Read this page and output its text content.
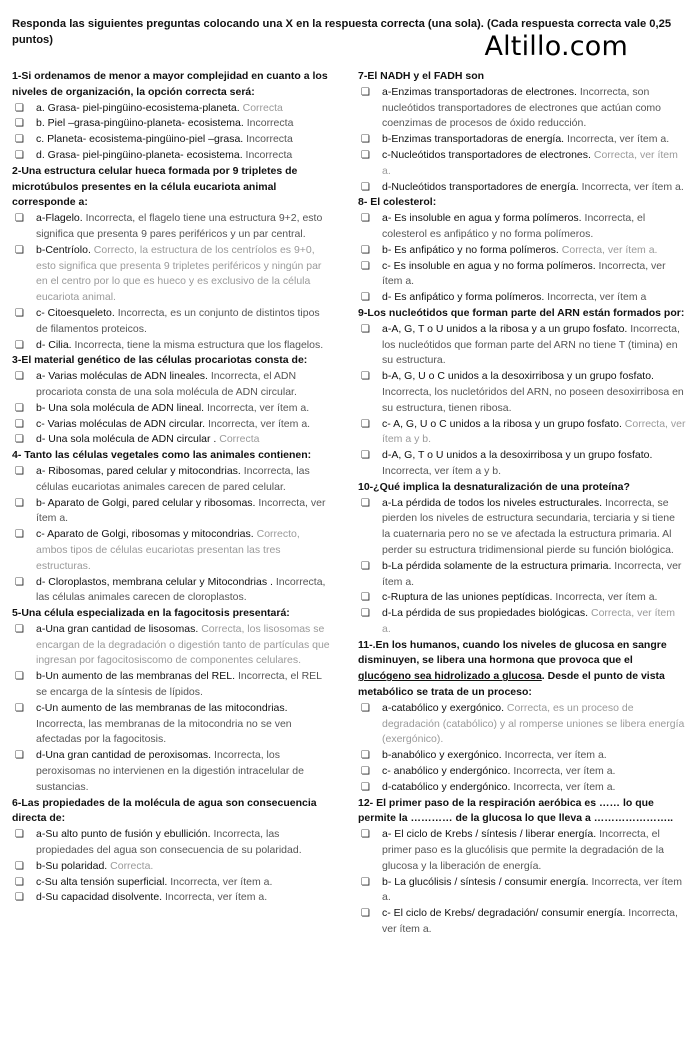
Responda las siguientes preguntas colocando una X en la respuesta correcta (una sola). (Cada respuesta correcta vale 0,25 puntos)	Altillo.com
1-Si ordenamos de menor a mayor complejidad en cuanto a los niveles de organización, la opción correcta será:
❏ a. Grasa- piel-pingüino-ecosistema-planeta. Correcta
❏ b. Piel –grasa-pingüino-planeta- ecosistema. Incorrecta
❏ c. Planeta- ecosistema-pingüino-piel –grasa. Incorrecta
❏ d. Grasa- piel-pingüino-planeta- ecosistema. Incorrecta
2-Una estructura celular hueca formada por 9 tripletes de microtúbulos presentes en la célula eucariota animal corresponde a:
❏ a-Flagelo. Incorrecta, el flagelo tiene una estructura 9+2, esto significa que presenta 9 pares periféricos y un par central.
❏ b-Centríolo. Correcto, la estructura de los centríolos es 9+0, esto significa que presenta 9 tripletes periféricos y ningún par en el centro por lo que es hueco y es exclusivo de la célula eucariota animal.
❏ c- Citoesqueleto. Incorrecta, es un conjunto de distintos tipos de filamentos proteicos.
❏ d- Cilia. Incorrecta, tiene la misma estructura que los flagelos.
3-El material genético de las células procariotas consta de:
❏ a- Varias moléculas de ADN lineales. Incorrecta, el ADN procariota consta de una sola molécula de ADN circular.
❏ b- Una sola molécula de ADN lineal. Incorrecta, ver ítem a.
❏ c- Varias moléculas de ADN circular. Incorrecta, ver ítem a.
❏ d- Una sola molécula de ADN circular . Correcta
4- Tanto las células vegetales como las animales contienen:
❏ a- Ribosomas, pared celular y mitocondrias. Incorrecta, las células eucariotas animales carecen de pared celular.
❏ b- Aparato de Golgi, pared celular y ribosomas. Incorrecta, ver ítem a.
❏ c- Aparato de Golgi, ribosomas y mitocondrias. Correcto, ambos tipos de células eucariotas presentan las tres estructuras.
❏ d- Cloroplastos, membrana celular y Mitocondrias . Incorrecta, las células animales carecen de cloroplastos.
5-Una célula especializada en la fagocitosis presentará:
❏ a-Una gran cantidad de lisosomas. Correcta, los lisosomas se encargan de la degradación o digestión tanto de partículas que ingresan por fagocitosiscomo de componentes celulares.
❏ b-Un aumento de las membranas del REL. Incorrecta, el REL se encarga de la síntesis de lípidos.
❏ c-Un aumento de las membranas de las mitocondrias. Incorrecta, las membranas de la mitocondria no se ven afectadas por la fagocitosis.
❏ d-Una gran cantidad de peroxisomas. Incorrecta, los peroxisomas no intervienen en la digestión intracelular de sustancias.
6-Las propiedades de la molécula de agua son consecuencia directa de:
❏ a-Su alto punto de fusión y ebullición. Incorrecta, las propiedades del agua son consecuencia de su polaridad.
❏ b-Su polaridad. Correcta.
❏ c-Su alta tensión superficial. Incorrecta, ver ítem a.
❏ d-Su capacidad disolvente. Incorrecta, ver ítem a.
7-El NADH y el FADH son
❏ a-Enzimas transportadoras de electrones. Incorrecta, son nucleótidos transportadores de electrones que actúan como coenzimas de procesos de óxido reducción.
❏ b-Enzimas transportadoras de energía. Incorrecta, ver ítem a.
❏ c-Nucleótidos transportadores de electrones. Correcta, ver ítem a.
❏ d-Nucleótidos transportadores de energía. Incorrecta, ver ítem a.
8- El colesterol:
❏ a- Es insoluble en agua y forma polímeros. Incorrecta, el colesterol es anfipático y no forma polímeros.
❏ b- Es anfipático y no forma polímeros. Correcta, ver ítem a.
❏ c- Es insoluble en agua y no forma polímeros. Incorrecta, ver ítem a.
❏ d- Es anfipático y forma polímeros. Incorrecta, ver ítem a
9-Los nucleótidos que forman parte del ARN están formados por:
❏ a-A, G, T o U unidos a la ribosa y a un grupo fosfato. Incorrecta, los nucleótidos que forman parte del ARN no tiene T (timina) en su estructura.
❏ b-A, G, U o C unidos a la desoxirribosa y un grupo fosfato. Incorrecta, los nucletóridos del ARN, no poseen desoxirribosa en su estructura, tienen ribosa.
❏ c- A, G, U o C unidos a la ribosa y un grupo fosfato. Correcta, ver ítem a y b.
❏ d-A, G, T o U unidos a la desoxirribosa y un grupo fosfato. Incorrecta, ver ítem a y b.
10-¿Qué implica la desnaturalización de una proteína?
❏ a-La pérdida de todos los niveles estructurales. Incorrecta, se pierden los niveles de estructura secundaria, terciaria y si tiene la cuaternaria pero no se ve afectada la estructura primaria. Al perder su estructura tridimensional pierde su función biológica.
❏ b-La pérdida solamente de la estructura primaria. Incorrecta, ver ítem a.
❏ c-Ruptura de las uniones peptídicas. Incorrecta, ver ítem a.
❏ d-La pérdida de sus propiedades biológicas. Correcta, ver ítem a.
11-.En los humanos, cuando los niveles de glucosa en sangre disminuyen, se libera una hormona que provoca que el glucógeno sea hidrolizado a glucosa. Desde el punto de vista metabólico se trata de un proceso:
❏ a-catabólico y exergónico. Correcta, es un proceso de degradación (catabólico) y al romperse uniones se libera energía (exergónico).
❏ b-anabólico y exergónico. Incorrecta, ver ítem a.
❏ c- anabólico y endergónico. Incorrecta, ver ítem a.
❏ d-catabólico y endergónico. Incorrecta, ver ítem a.
12- El primer paso de la respiración aeróbica es …… lo que permite la ………… de la glucosa lo que lleva a …………………..
❏ a- El ciclo de Krebs / síntesis / liberar energía. Incorrecta, el primer paso es la glucólisis que permite la degradación de la glucosa y la liberación de energía.
❏ b- La glucólisis / síntesis / consumir energía. Incorrecta, ver ítem a.
❏ c- El ciclo de Krebs/ degradación/ consumir energía. Incorrecta, ver ítem a.
